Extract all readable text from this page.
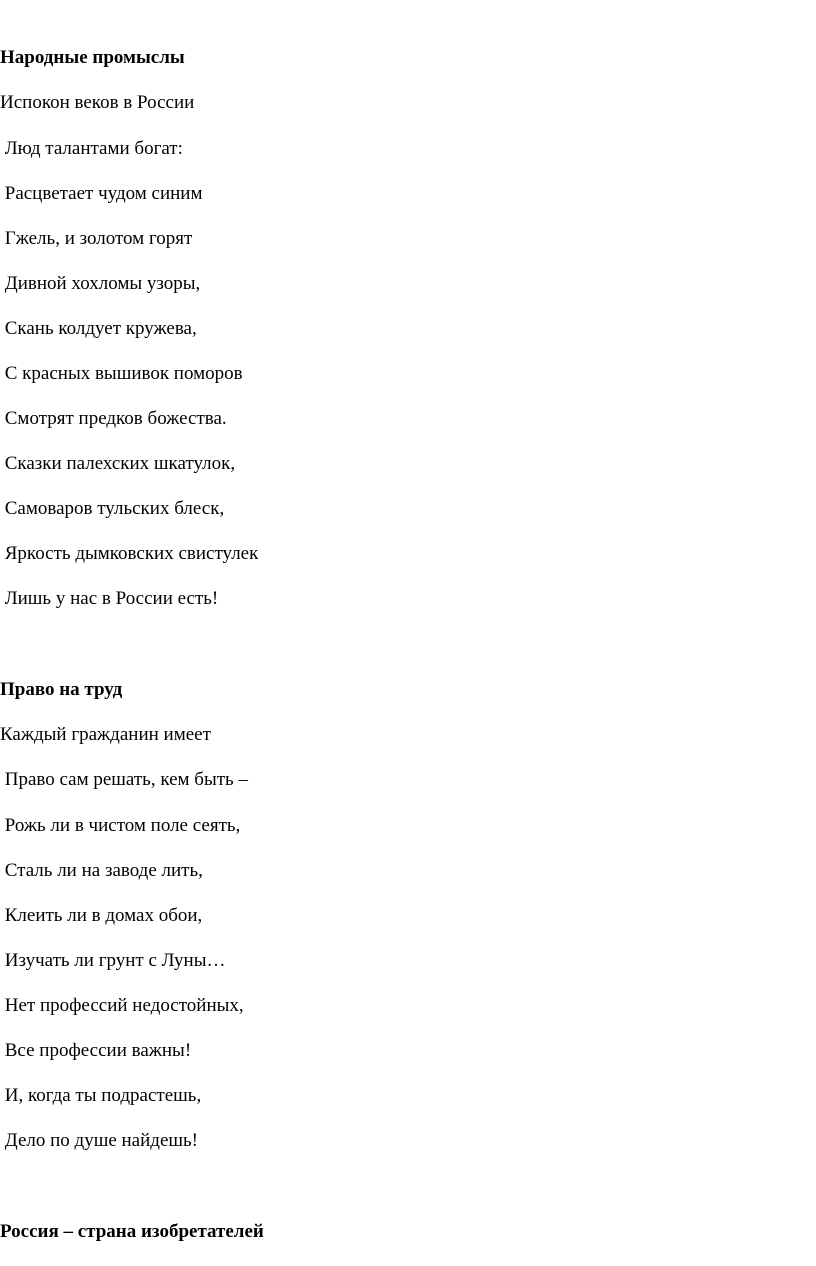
Народные промыслы
Испокон веков в России
Люд талантами богат:
Расцветает чудом синим
Гжель, и золотом горят
Дивной хохломы узоры,
Скань колдует кружева,
С красных вышивок поморов
Смотрят предков божества.
Сказки палехских шкатулок,
Самоваров тульских блеск,
Яркость дымковских свистулек
Лишь у нас в России есть!
Право на труд
Каждый гражданин имеет
Право сам решать, кем быть –
Рожь ли в чистом поле сеять,
Сталь ли на заводе лить,
Клеить ли в домах обои,
Изучать ли грунт с Луны…
Нет профессий недостойных,
Все профессии важны!
И, когда ты подрастешь,
Дело по душе найдешь!
Россия – страна изобретателей
